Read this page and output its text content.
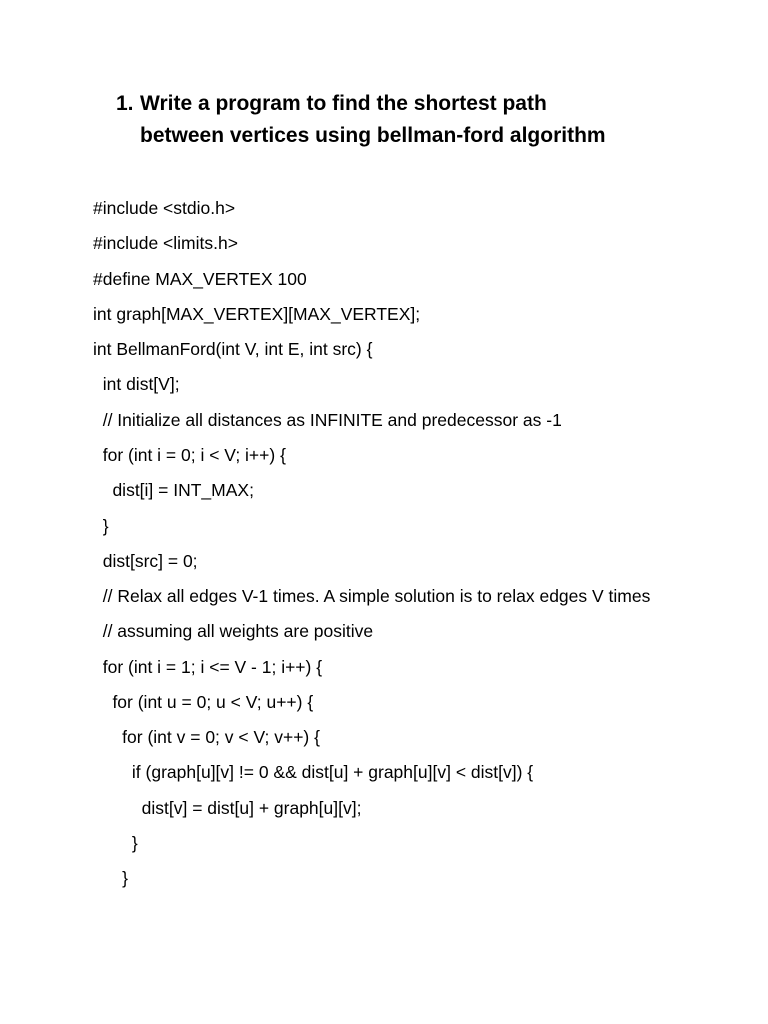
1. Write a program to find the shortest path
between vertices using bellman-ford algorithm
#include <stdio.h>
#include <limits.h>
#define MAX_VERTEX 100
int graph[MAX_VERTEX][MAX_VERTEX];
int BellmanFord(int V, int E, int src) {
int dist[V];
// Initialize all distances as INFINITE and predecessor as -1
for (int i = 0; i < V; i++) {
dist[i] = INT_MAX;
}
dist[src] = 0;
// Relax all edges V-1 times. A simple solution is to relax edges V times
// assuming all weights are positive
for (int i = 1; i <= V - 1; i++) {
for (int u = 0; u < V; u++) {
for (int v = 0; v < V; v++) {
if (graph[u][v] != 0 && dist[u] + graph[u][v] < dist[v]) {
dist[v] = dist[u] + graph[u][v];
}
}
